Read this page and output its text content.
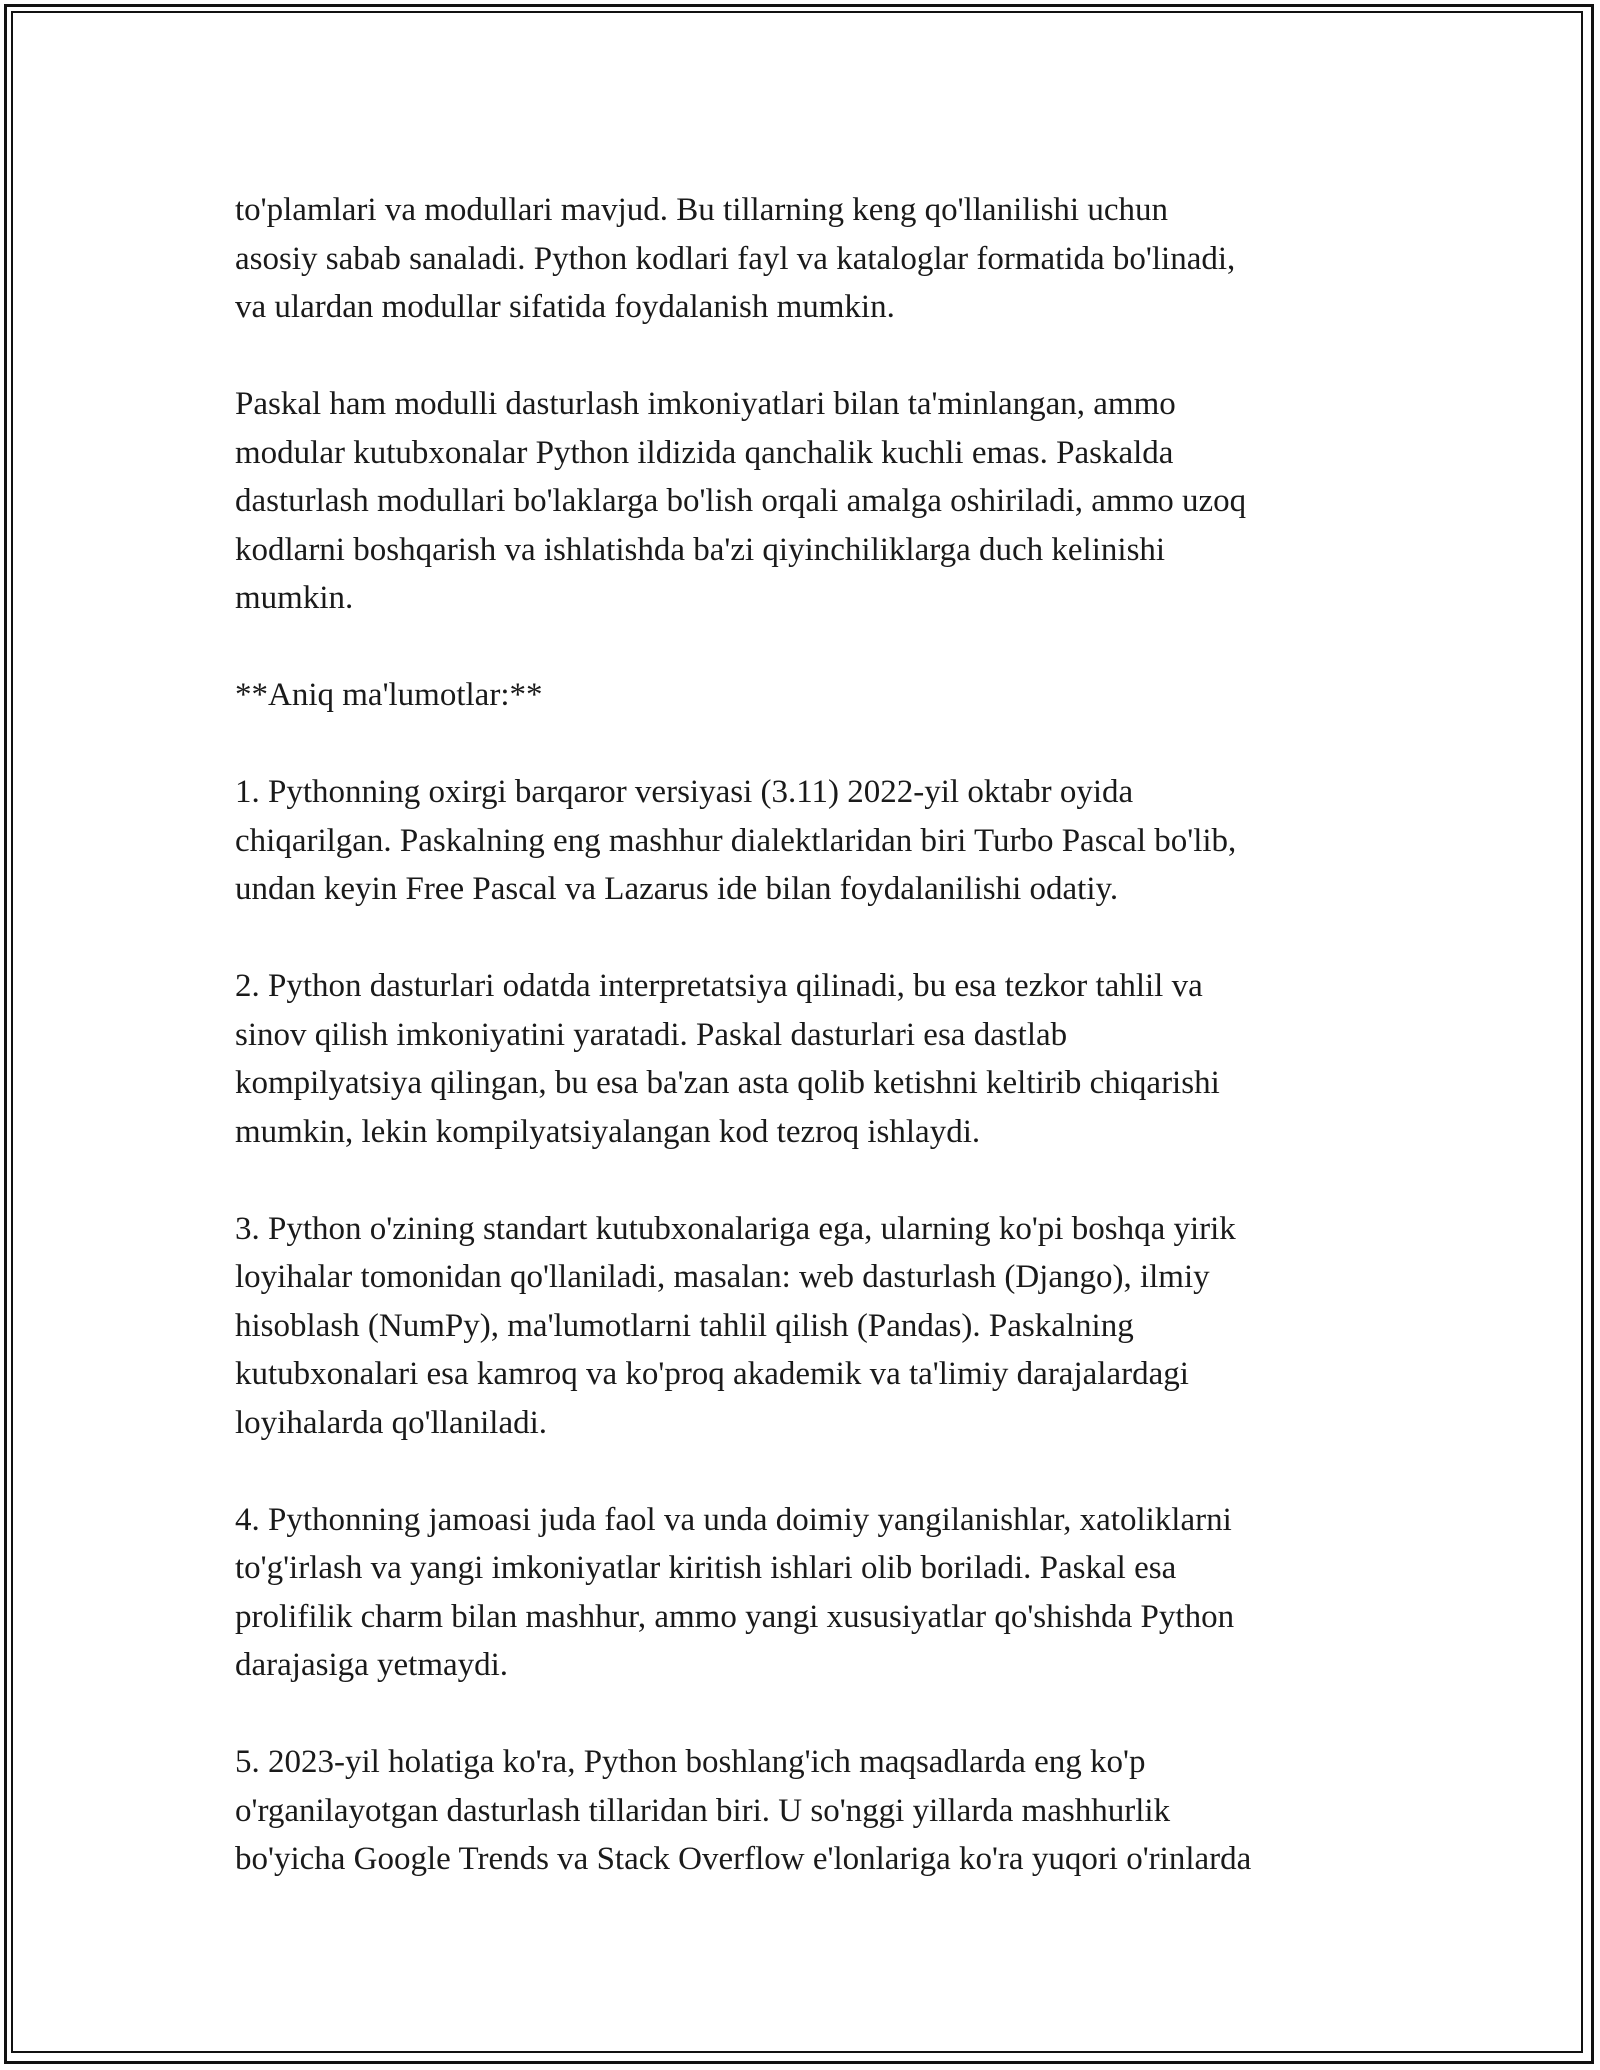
to'plamlari va modullari mavjud. Bu tillarning keng qo'llanilishi uchun
asosiy sabab sanaladi. Python kodlari fayl va kataloglar formatida bo'linadi,
va ulardan modullar sifatida foydalanish mumkin.
Paskal ham modulli dasturlash imkoniyatlari bilan ta'minlangan, ammo
modular kutubxonalar Python ildizida qanchalik kuchli emas. Paskalda
dasturlash modullari bo'laklarga bo'lish orqali amalga oshiriladi, ammo uzoq
kodlarni boshqarish va ishlatishda ba'zi qiyinchiliklarga duch kelinishi
mumkin.
**Aniq ma'lumotlar:**
1. Pythonning oxirgi barqaror versiyasi (3.11) 2022-yil oktabr oyida
chiqarilgan. Paskalning eng mashhur dialektlaridan biri Turbo Pascal bo'lib,
undan keyin Free Pascal va Lazarus ide bilan foydalanilishi odatiy.
2. Python dasturlari odatda interpretatsiya qilinadi, bu esa tezkor tahlil va
sinov qilish imkoniyatini yaratadi. Paskal dasturlari esa dastlab
kompilyatsiya qilingan, bu esa ba'zan asta qolib ketishni keltirib chiqarishi
mumkin, lekin kompilyatsiyalangan kod tezroq ishlaydi.
3. Python o'zining standart kutubxonalariga ega, ularning ko'pi boshqa yirik
loyihalar tomonidan qo'llaniladi, masalan: web dasturlash (Django), ilmiy
hisoblash (NumPy), ma'lumotlarni tahlil qilish (Pandas). Paskalning
kutubxonalari esa kamroq va ko'proq akademik va ta'limiy darajalardagi
loyihalarda qo'llaniladi.
4. Pythonning jamoasi juda faol va unda doimiy yangilanishlar, xatoliklarni
to'g'irlash va yangi imkoniyatlar kiritish ishlari olib boriladi. Paskal esa
prolifilik charm bilan mashhur, ammo yangi xususiyatlar qo'shishda Python
darajasiga yetmaydi.
5. 2023-yil holatiga ko'ra, Python boshlang'ich maqsadlarda eng ko'p
o'rganilayotgan dasturlash tillaridan biri. U so'nggi yillarda mashhurlik
bo'yicha Google Trends va Stack Overflow e'lonlariga ko'ra yuqori o'rinlarda
